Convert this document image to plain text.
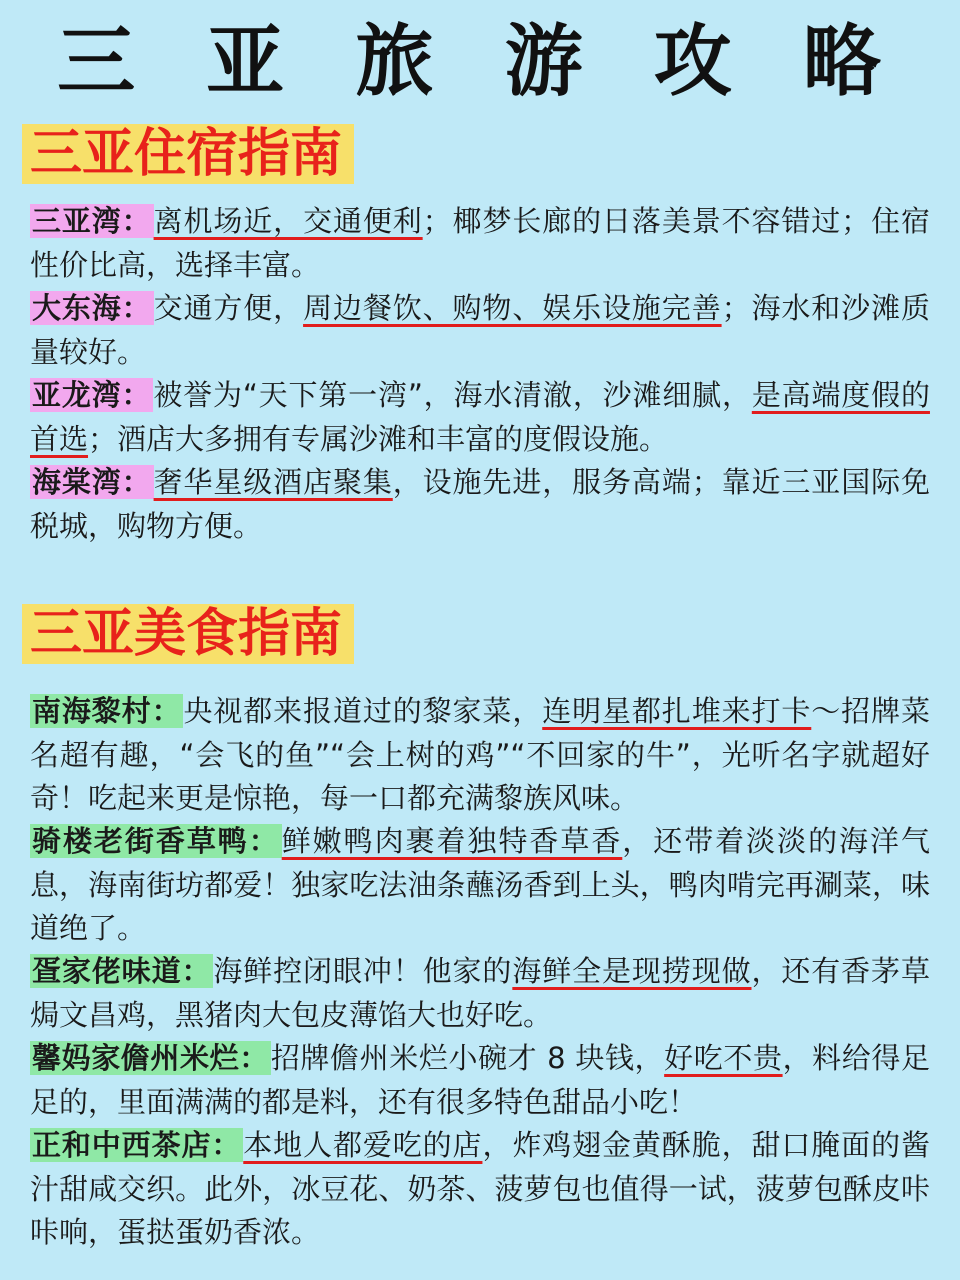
三 亚 旅 游 攻 略
三亚住宿指南
三亚湾：离机场近，交通便利；椰梦长廊的日落美景不容错过；住宿性价比高，选择丰富。
大东海：交通方便，周边餐饮、购物、娱乐设施完善；海水和沙滩质量较好。
亚龙湾：被誉为“天下第一湾”，海水清澈，沙滩细腻，是高端度假的首选；酒店大多拥有专属沙滩和丰富的度假设施。
海棠湾：奢华星级酒店聚集，设施先进，服务高端；靠近三亚国际免税城，购物方便。
三亚美食指南
南海黎村：央视都来报道过的黎家菜，连明星都扎堆来打卡～招牌菜名超有趣，“会飞的鱼”“会上树的鸡”“不回家的牛”，光听名字就超好奇！吃起来更是惊艳，每一口都充满黎族风味。
骑楼老街香草鸭：鲜嫩鸭肉裹着独特香草香，还带着淡淡的海洋气息，海南街坊都爱！独家吃法油条蘸汤香到上头，鸭肉啃完再涮菜，味道绝了。
疍家佬味道：海鲜控闭眼冲！他家的海鲜全是现捞现做，还有香茅草焗文昌鸡，黑猪肉大包皮薄馅大也好吃。
馨妈家儋州米烂：招牌儋州米烂小碗才 8 块钱，好吃不贵，料给得足足的，里面满满的都是料，还有很多特色甜品小吃！
正和中西茶店：本地人都爱吃的店，炸鸡翅金黄酥脆，甜口腌面的酱汁甜咸交织。此外，冰豆花、奶茶、菠萝包也值得一试，菠萝包酥皮咔咔响，蛋挞蛋奶香浓。
